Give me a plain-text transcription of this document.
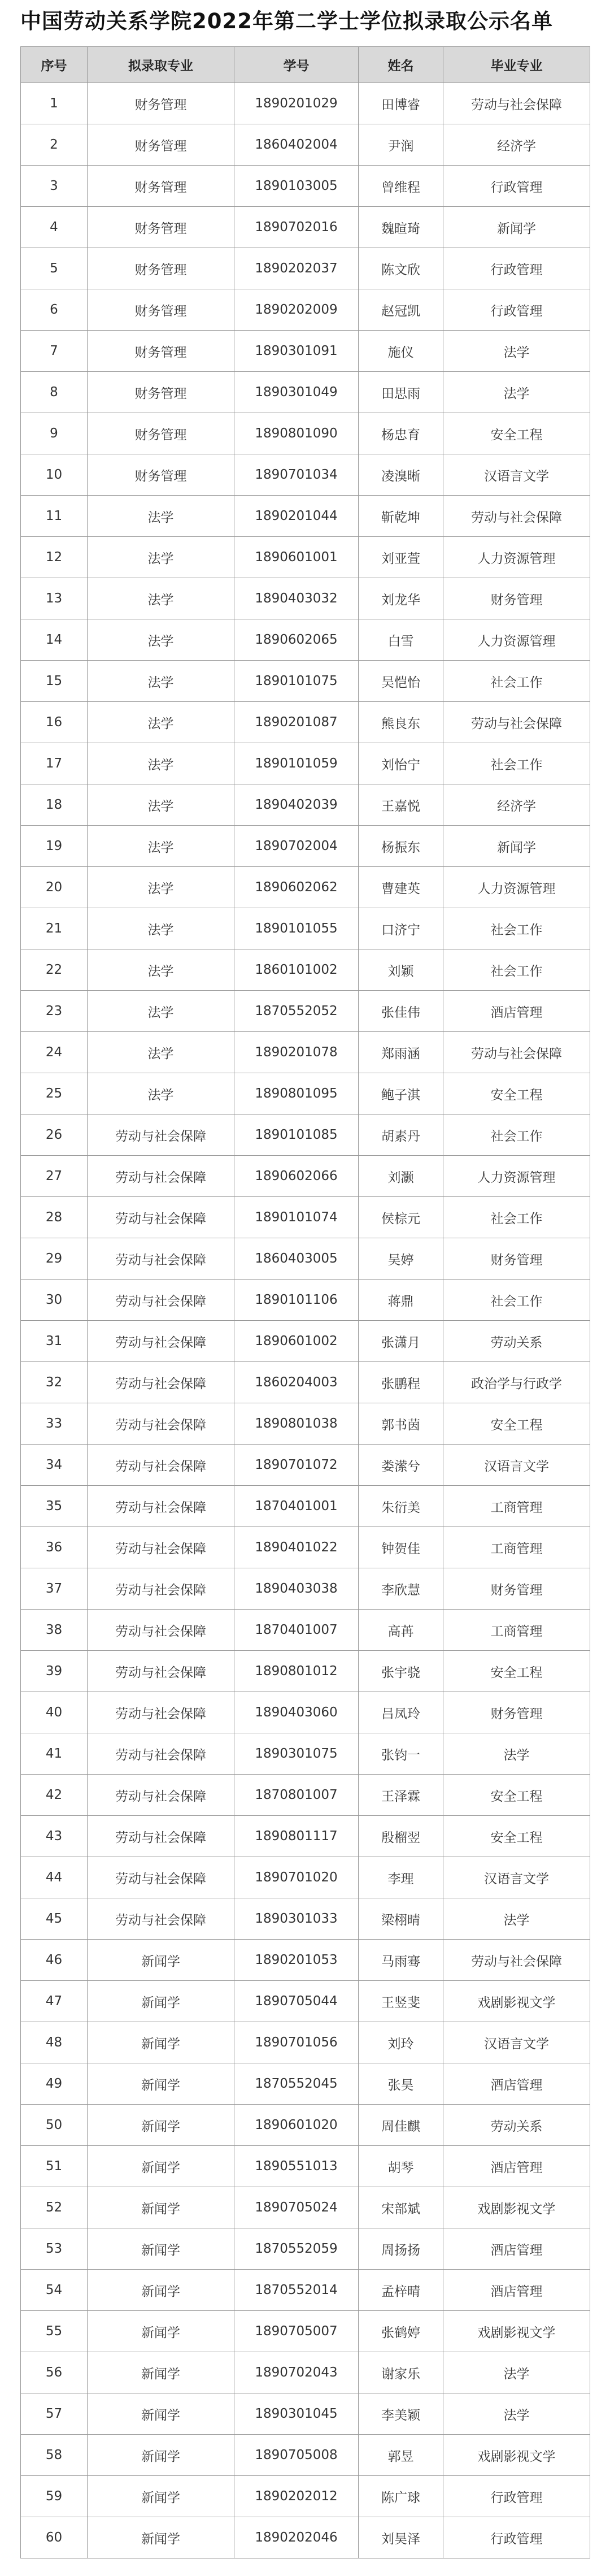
中国劳动关系学院2022年第二学士学位拟录取公示名单
序号	拟录取专业	学号	姓名	毕业专业
1	财务管理	1890201029	田博睿	劳动与社会保障
2	财务管理	1860402004	尹润	经济学
3	财务管理	1890103005	曾维程	行政管理
4	财务管理	1890702016	魏暄琦	新闻学
5	财务管理	1890202037	陈文欣	行政管理
6	财务管理	1890202009	赵冠凯	行政管理
7	财务管理	1890301091	施仪	法学
8	财务管理	1890301049	田思雨	法学
9	财务管理	1890801090	杨忠育	安全工程
10	财务管理	1890701034	凌溴晰	汉语言文学
11	法学	1890201044	靳乾坤	劳动与社会保障
12	法学	1890601001	刘亚萱	人力资源管理
13	法学	1890403032	刘龙华	财务管理
14	法学	1890602065	白雪	人力资源管理
15	法学	1890101075	吴恺怡	社会工作
16	法学	1890201087	熊良东	劳动与社会保障
17	法学	1890101059	刘怡宁	社会工作
18	法学	1890402039	王嘉悦	经济学
19	法学	1890702004	杨振东	新闻学
20	法学	1890602062	曹建英	人力资源管理
21	法学	1890101055	口济宁	社会工作
22	法学	1860101002	刘颖	社会工作
23	法学	1870552052	张佳伟	酒店管理
24	法学	1890201078	郑雨涵	劳动与社会保障
25	法学	1890801095	鲍子淇	安全工程
26	劳动与社会保障	1890101085	胡素丹	社会工作
27	劳动与社会保障	1890602066	刘灏	人力资源管理
28	劳动与社会保障	1890101074	侯棕元	社会工作
29	劳动与社会保障	1860403005	吴婷	财务管理
30	劳动与社会保障	1890101106	蒋鼎	社会工作
31	劳动与社会保障	1890601002	张潇月	劳动关系
32	劳动与社会保障	1860204003	张鹏程	政治学与行政学
33	劳动与社会保障	1890801038	郭书茵	安全工程
34	劳动与社会保障	1890701072	娄潆兮	汉语言文学
35	劳动与社会保障	1870401001	朱衍美	工商管理
36	劳动与社会保障	1890401022	钟贺佳	工商管理
37	劳动与社会保障	1890403038	李欣慧	财务管理
38	劳动与社会保障	1870401007	高苒	工商管理
39	劳动与社会保障	1890801012	张宇骁	安全工程
40	劳动与社会保障	1890403060	吕凤玲	财务管理
41	劳动与社会保障	1890301075	张钧一	法学
42	劳动与社会保障	1870801007	王泽霖	安全工程
43	劳动与社会保障	1890801117	殷榴翌	安全工程
44	劳动与社会保障	1890701020	李理	汉语言文学
45	劳动与社会保障	1890301033	梁栩晴	法学
46	新闻学	1890201053	马雨骞	劳动与社会保障
47	新闻学	1890705044	王竖斐	戏剧影视文学
48	新闻学	1890701056	刘玲	汉语言文学
49	新闻学	1870552045	张昊	酒店管理
50	新闻学	1890601020	周佳麒	劳动关系
51	新闻学	1890551013	胡琴	酒店管理
52	新闻学	1890705024	宋部斌	戏剧影视文学
53	新闻学	1870552059	周扬扬	酒店管理
54	新闻学	1870552014	孟梓晴	酒店管理
55	新闻学	1890705007	张鹤婷	戏剧影视文学
56	新闻学	1890702043	谢家乐	法学
57	新闻学	1890301045	李美颖	法学
58	新闻学	1890705008	郭昱	戏剧影视文学
59	新闻学	1890202012	陈广球	行政管理
60	新闻学	1890202046	刘昊泽	行政管理
